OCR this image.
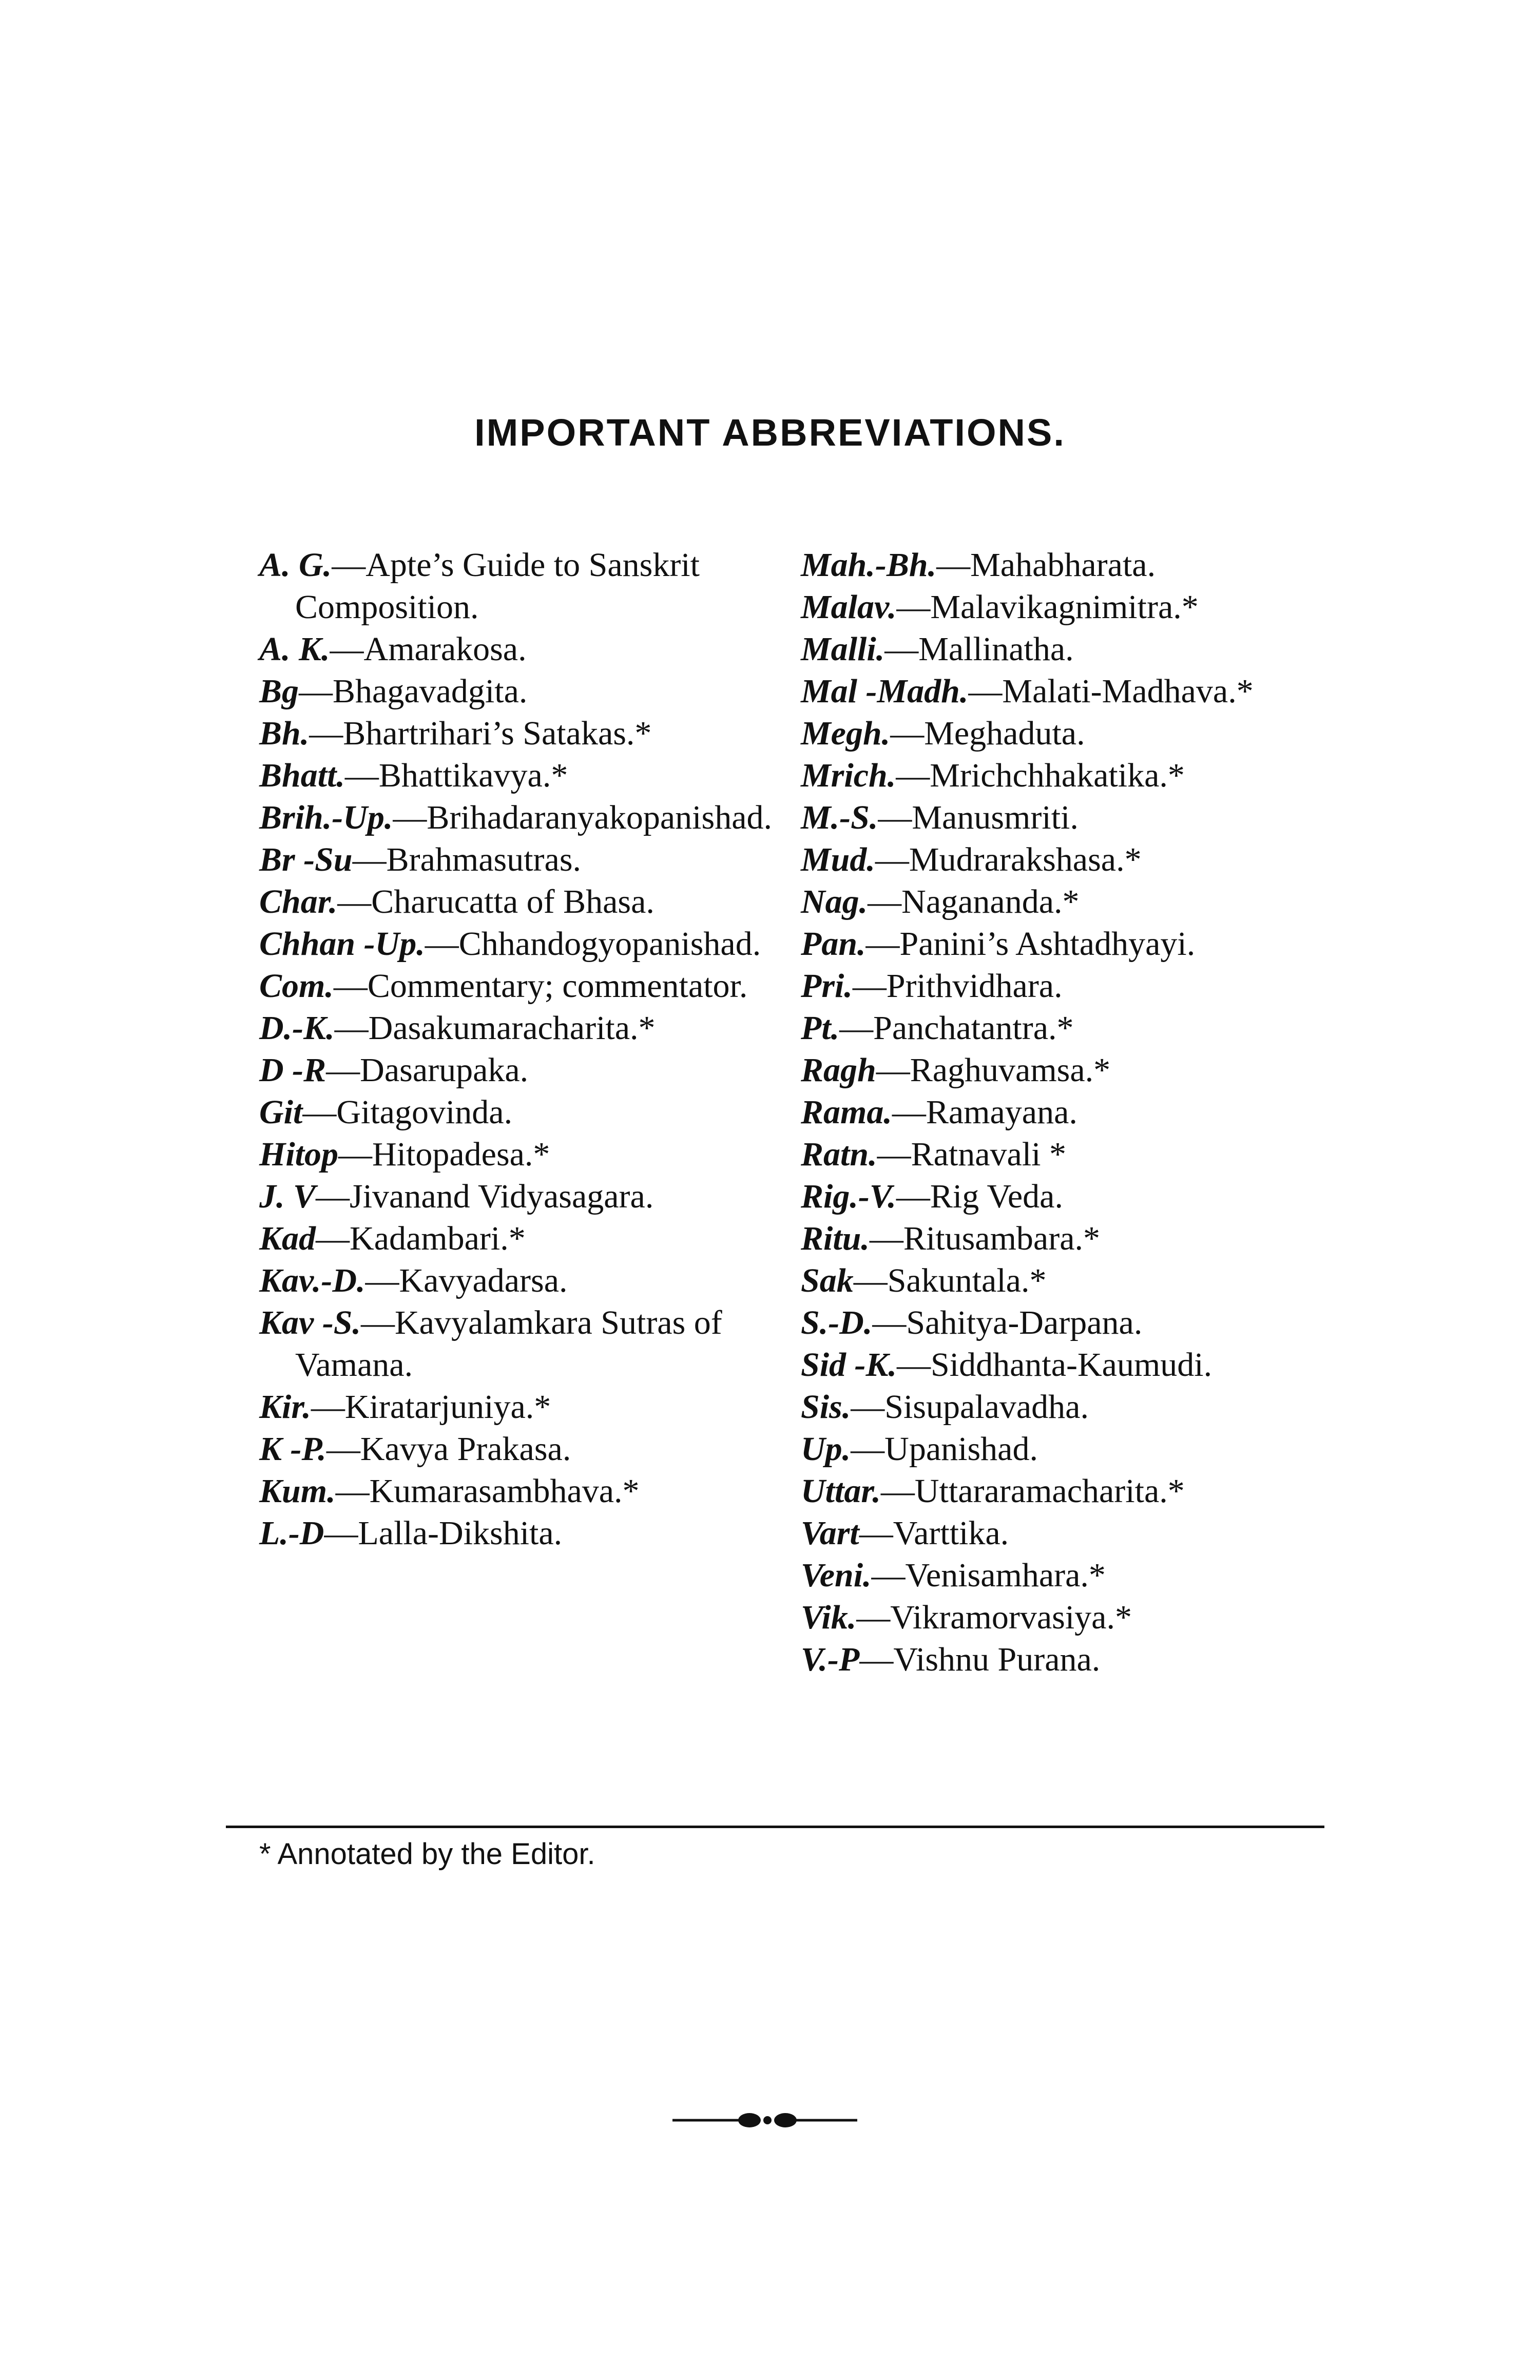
IMPORTANT ABBREVIATIONS.
A. G.—Apte’s Guide to Sanskrit Composition.
A. K.—Amarakosa.
Bg—Bhagavadgita.
Bh.—Bhartrihari’s Satakas.*
Bhatt.—Bhattikavya.*
Brih.-Up.—Brihadaranyakopanishad.
Br -Su—Brahmasutras.
Char.—Charucatta of Bhasa.
Chhan -Up.—Chhandogyopanishad.
Com.—Commentary; commentator.
D.-K.—Dasakumaracharita.*
D -R—Dasarupaka.
Git—Gitagovinda.
Hitop—Hitopadesa.*
J. V—Jivanand Vidyasagara.
Kad—Kadambari.*
Kav.-D.—Kavyadarsa.
Kav -S.—Kavyalamkara Sutras of Vamana.
Kir.—Kiratarjuniya.*
K -P.—Kavya Prakasa.
Kum.—Kumarasambhava.*
L.-D—Lalla-Dikshita.
Mah.-Bh.—Mahabharata.
Malav.—Malavikagnimitra.*
Malli.—Mallinatha.
Mal -Madh.—Malati-Madhava.*
Megh.—Meghaduta.
Mrich.—Mrichchhakatika.*
M.-S.—Manusmriti.
Mud.—Mudrarakshasa.*
Nag.—Nagananda.*
Pan.—Panini’s Ashtadhyayi.
Pri.—Prithvidhara.
Pt.—Panchatantra.*
Ragh—Raghuvamsa.*
Rama.—Ramayana.
Ratn.—Ratnavali *
Rig.-V.—Rig Veda.
Ritu.—Ritusambara.*
Sak—Sakuntala.*
S.-D.—Sahitya-Darpana.
Sid -K.—Siddhanta-Kaumudi.
Sis.—Sisupalavadha.
Up.—Upanishad.
Uttar.—Uttararamacharita.*
Vart—Varttika.
Veni.—Venisamhara.*
Vik.—Vikramorvasiya.*
V.-P—Vishnu Purana.
* Annotated by the Editor.
